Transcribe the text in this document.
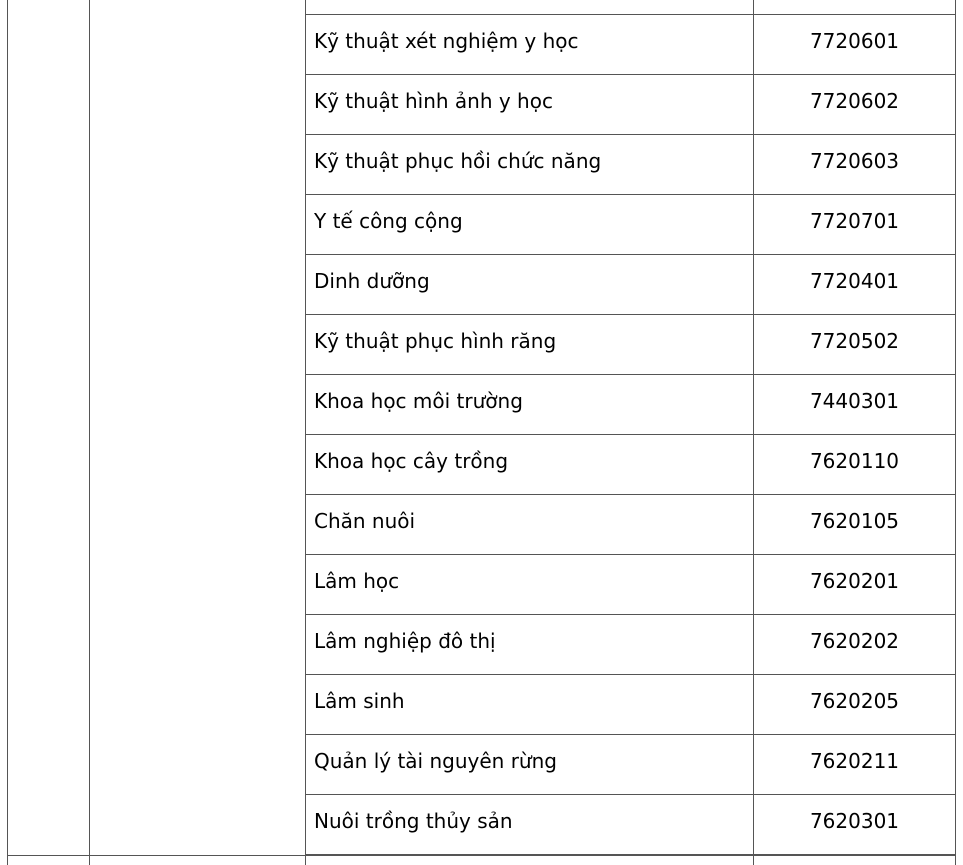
Kỹ thuật xét nghiệm y học	7720601
Kỹ thuật hình ảnh y học	7720602
Kỹ thuật phục hồi chức năng	7720603
Y tế công cộng	7720701
Dinh dưỡng	7720401
Kỹ thuật phục hình răng	7720502
Khoa học môi trường	7440301
Khoa học cây trồng	7620110
Chăn nuôi	7620105
Lâm học	7620201
Lâm nghiệp đô thị	7620202
Lâm sinh	7620205
Quản lý tài nguyên rừng	7620211
Nuôi trồng thủy sản	7620301
